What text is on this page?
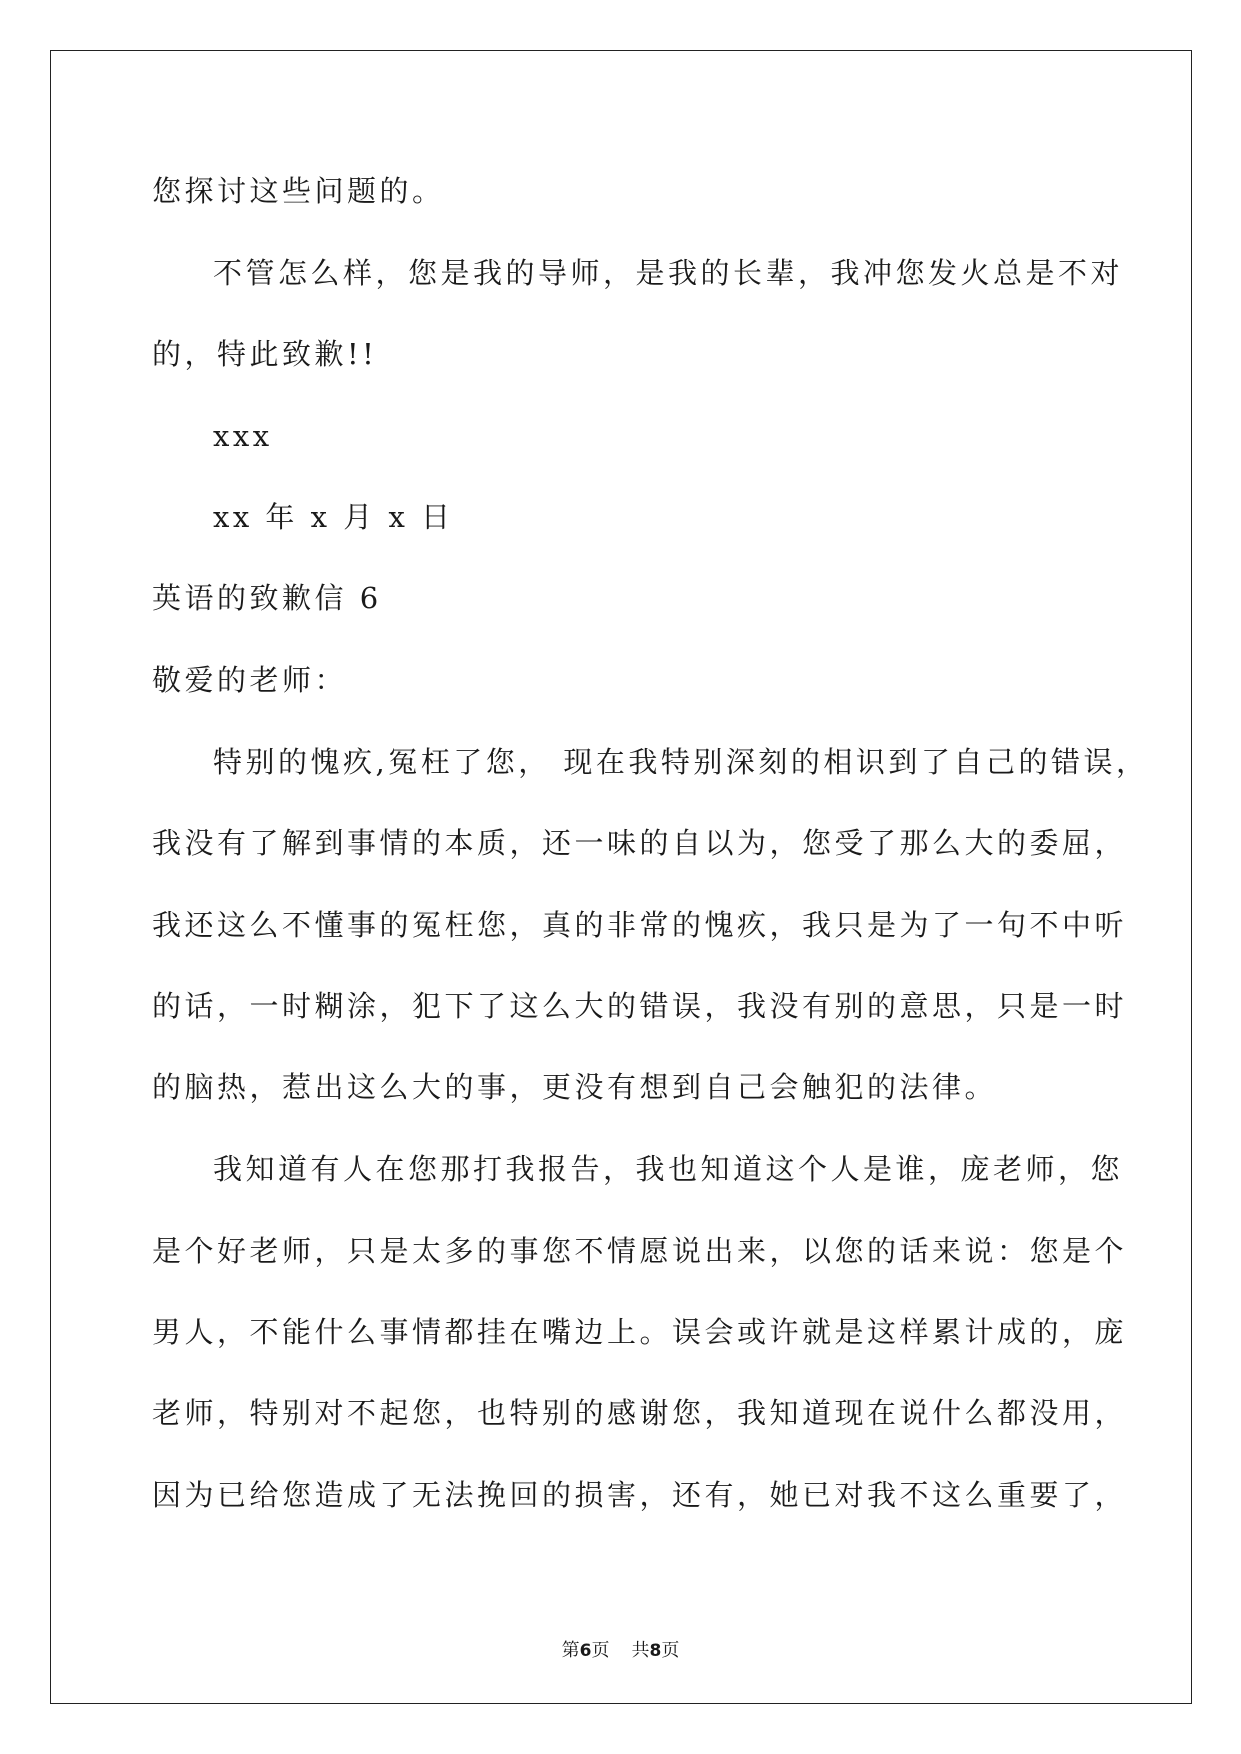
您探讨这些问题的。
不管怎么样，您是我的导师，是我的长辈，我冲您发火总是不对
的，特此致歉!!
xxx
xx 年 x 月 x 日
英语的致歉信 6
敬爱的老师：
特别的愧疚,冤枉了您， 现在我特别深刻的相识到了自己的错误，
我没有了解到事情的本质，还一味的自以为，您受了那么大的委屈，
我还这么不懂事的冤枉您，真的非常的愧疚，我只是为了一句不中听
的话，一时糊涂，犯下了这么大的错误，我没有别的意思，只是一时
的脑热，惹出这么大的事，更没有想到自己会触犯的法律。
我知道有人在您那打我报告，我也知道这个人是谁，庞老师，您
是个好老师，只是太多的事您不情愿说出来，以您的话来说：您是个
男人，不能什么事情都挂在嘴边上。误会或许就是这样累计成的，庞
老师，特别对不起您，也特别的感谢您，我知道现在说什么都没用，
因为已给您造成了无法挽回的损害，还有，她已对我不这么重要了，
第6页 共8页
